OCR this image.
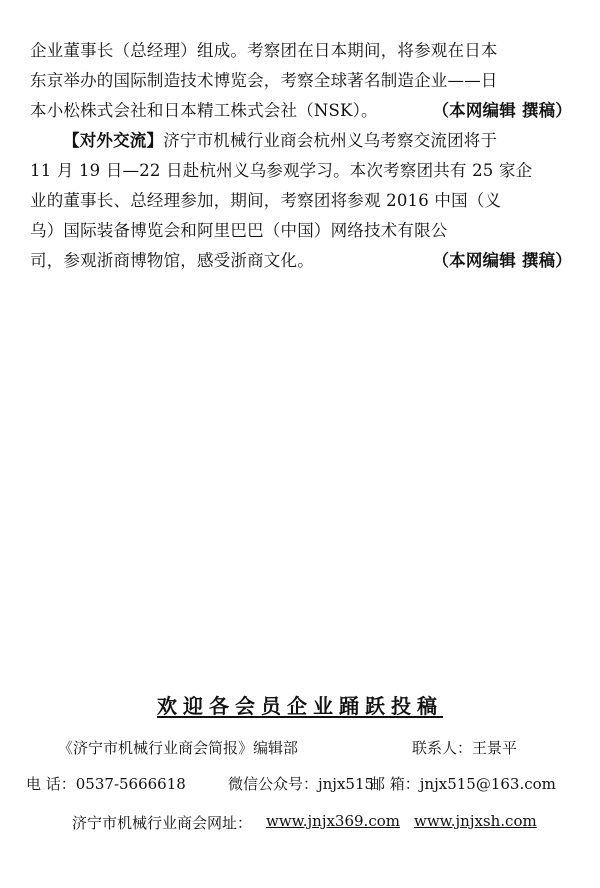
企业董事长（总经理）组成。考察团在日本期间，将参观在日本
东京举办的国际制造技术博览会，考察全球著名制造企业——日
本小松株式会社和日本精工株式会社（NSK）。	（本网编辑 撰稿）

【对外交流】济宁市机械行业商会杭州义乌考察交流团将于
11 月 19 日—22 日赴杭州义乌参观学习。本次考察团共有 25 家企
业的董事长、总经理参加，期间，考察团将参观 2016 中国（义
乌）国际装备博览会和阿里巴巴（中国）网络技术有限公
司，参观浙商博物馆，感受浙商文化。	（本网编辑 撰稿）

欢迎各会员企业踊跃投稿
《济宁市机械行业商会简报》编辑部	联系人：王景平
电 话：0537-5666618	微信公众号：jnjx515
邮 箱：jnjx515@163.com
济宁市机械行业商会网址： www.jnjx369.com www.jnjxsh.com
